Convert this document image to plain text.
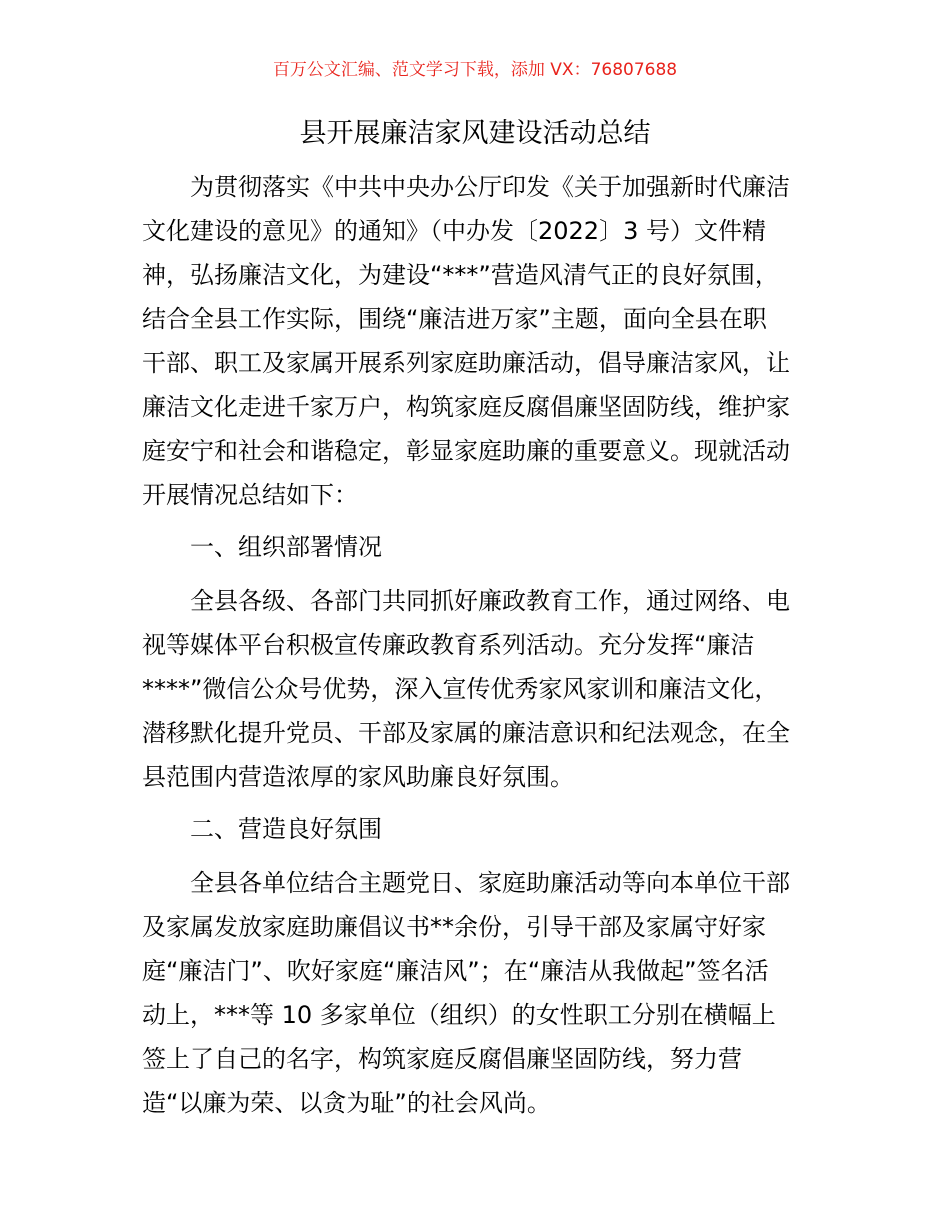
百万公文汇编、范文学习下载，添加 VX：76807688
县开展廉洁家风建设活动总结
为贯彻落实《中共中央办公厅印发《关于加强新时代廉洁
文化建设的意见》的通知》（中办发〔2022〕3 号）文件精
神，弘扬廉洁文化，为建设“***”营造风清气正的良好氛围，
结合全县工作实际，围绕“廉洁进万家”主题，面向全县在职
干部、职工及家属开展系列家庭助廉活动，倡导廉洁家风，让
廉洁文化走进千家万户，构筑家庭反腐倡廉坚固防线，维护家
庭安宁和社会和谐稳定，彰显家庭助廉的重要意义。现就活动
开展情况总结如下：
一、组织部署情况
全县各级、各部门共同抓好廉政教育工作，通过网络、电
视等媒体平台积极宣传廉政教育系列活动。充分发挥“廉洁
****”微信公众号优势，深入宣传优秀家风家训和廉洁文化，
潜移默化提升党员、干部及家属的廉洁意识和纪法观念，在全
县范围内营造浓厚的家风助廉良好氛围。
二、营造良好氛围
全县各单位结合主题党日、家庭助廉活动等向本单位干部
及家属发放家庭助廉倡议书**余份，引导干部及家属守好家
庭“廉洁门”、吹好家庭“廉洁风”；在“廉洁从我做起”签名活
动上，***等 10 多家单位（组织）的女性职工分别在横幅上
签上了自己的名字，构筑家庭反腐倡廉坚固防线，努力营
造“以廉为荣、以贪为耻”的社会风尚。
